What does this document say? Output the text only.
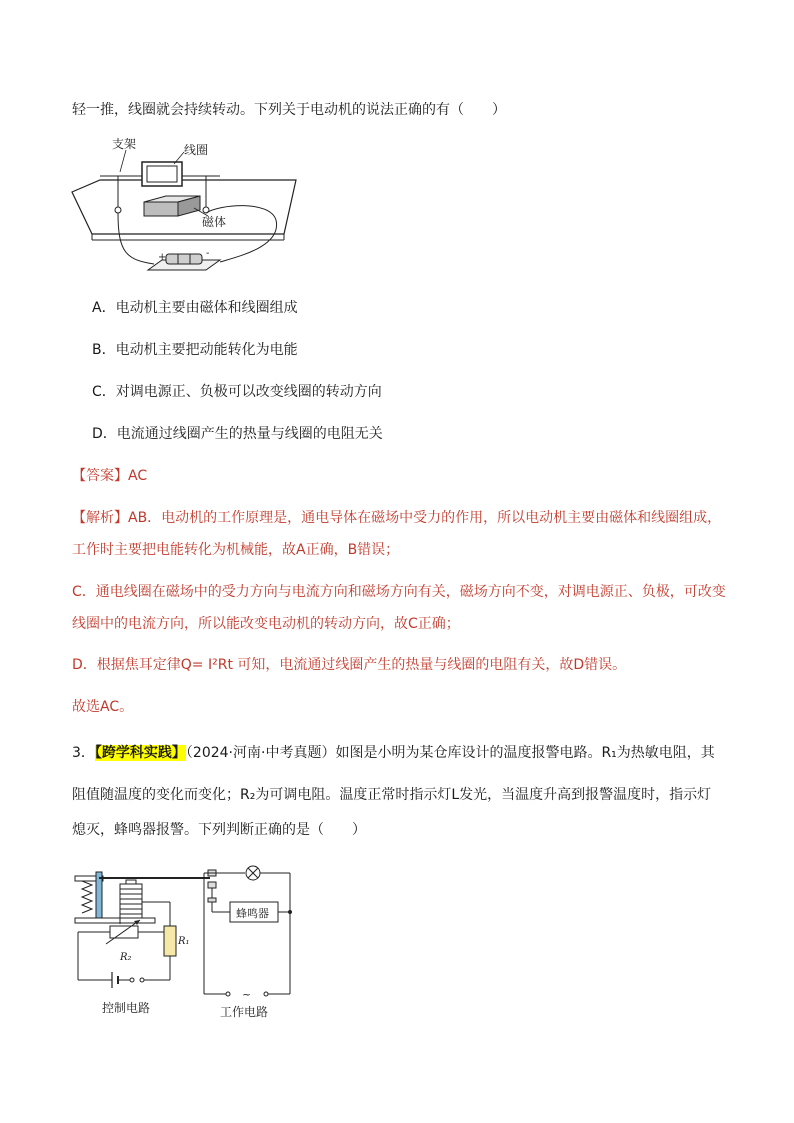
轻一推，线圈就会持续转动。下列关于电动机的说法正确的有（　　）
支架	线圈
磁体
+	-
A．电动机主要由磁体和线圈组成
B．电动机主要把动能转化为电能
C．对调电源正、负极可以改变线圈的转动方向
D．电流通过线圈产生的热量与线圈的电阻无关
【答案】AC
【解析】AB．电动机的工作原理是，通电导体在磁场中受力的作用，所以电动机主要由磁体和线圈组成，
工作时主要把电能转化为机械能，故A正确，B错误；
C．通电线圈在磁场中的受力方向与电流方向和磁场方向有关，磁场方向不变，对调电源正、负极，可改变
线圈中的电流方向，所以能改变电动机的转动方向，故C正确；
D．根据焦耳定律Q= I²Rt 可知，电流通过线圈产生的热量与线圈的电阻有关，故D错误。
故选AC。
3．【跨学科实践】（2024·河南·中考真题）如图是小明为某仓库设计的温度报警电路。R₁为热敏电阻，其
阻值随温度的变化而变化；R₂为可调电阻。温度正常时指示灯L发光，当温度升高到报警温度时，指示灯
熄灭，蜂鸣器报警。下列判断正确的是（　　）
R₁
R₂
控制电路
蜂鸣器
~
工作电路
